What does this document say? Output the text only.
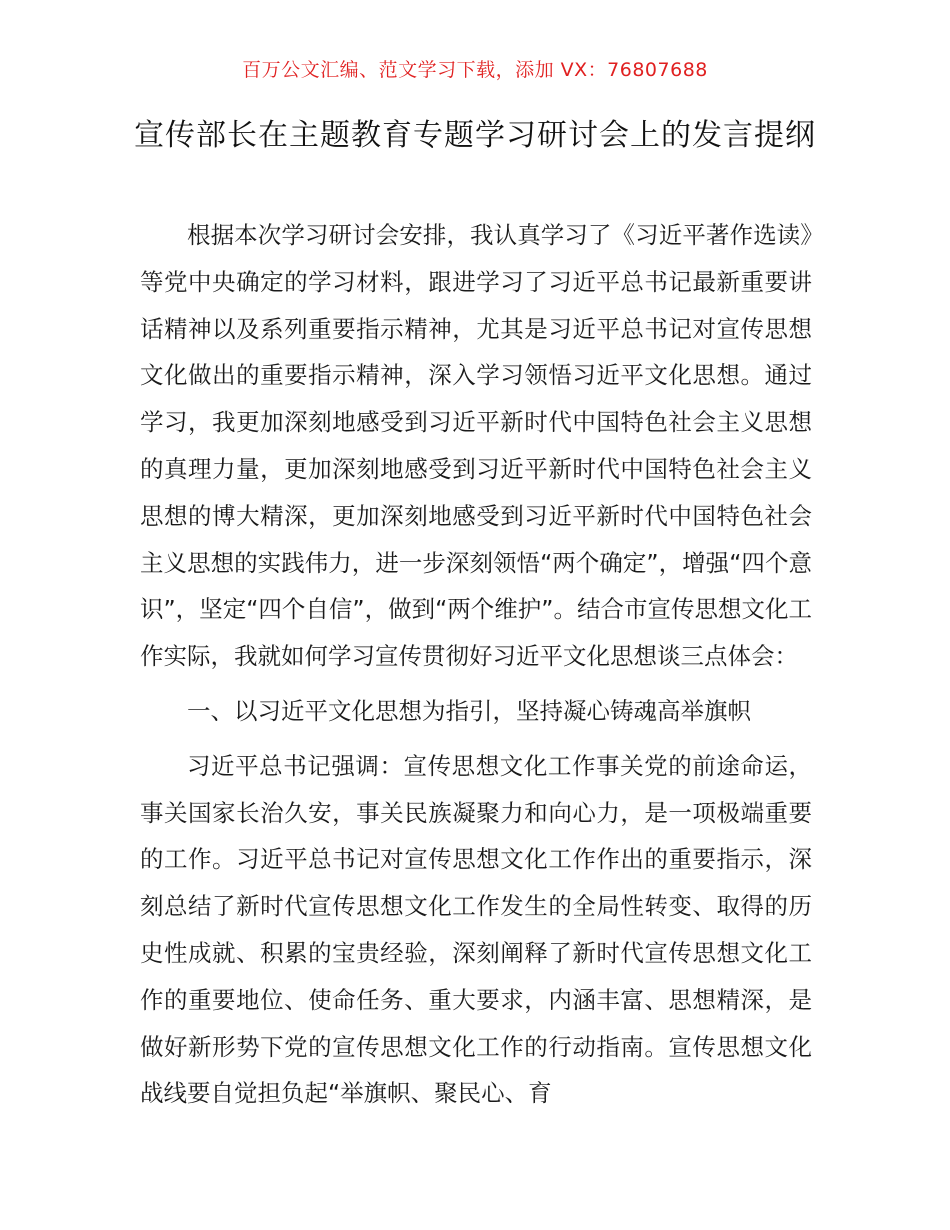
百万公文汇编、范文学习下载，添加 VX：76807688
宣传部长在主题教育专题学习研讨会上的发言提纲

根据本次学习研讨会安排，我认真学习了《习近平著作选读》等党中央确定的学习材料，跟进学习了习近平总书记最新重要讲话精神以及系列重要指示精神，尤其是习近平总书记对宣传思想文化做出的重要指示精神，深入学习领悟习近平文化思想。通过学习，我更加深刻地感受到习近平新时代中国特色社会主义思想的真理力量，更加深刻地感受到习近平新时代中国特色社会主义思想的博大精深，更加深刻地感受到习近平新时代中国特色社会主义思想的实践伟力，进一步深刻领悟“两个确定”，增强“四个意识”，坚定“四个自信”，做到“两个维护”。结合市宣传思想文化工作实际，我就如何学习宣传贯彻好习近平文化思想谈三点体会：

一、以习近平文化思想为指引，坚持凝心铸魂高举旗帜

习近平总书记强调：宣传思想文化工作事关党的前途命运，事关国家长治久安，事关民族凝聚力和向心力，是一项极端重要的工作。习近平总书记对宣传思想文化工作作出的重要指示，深刻总结了新时代宣传思想文化工作发生的全局性转变、取得的历史性成就、积累的宝贵经验，深刻阐释了新时代宣传思想文化工作的重要地位、使命任务、重大要求，内涵丰富、思想精深，是做好新形势下党的宣传思想文化工作的行动指南。宣传思想文化战线要自觉担负起“举旗帜、聚民心、育
